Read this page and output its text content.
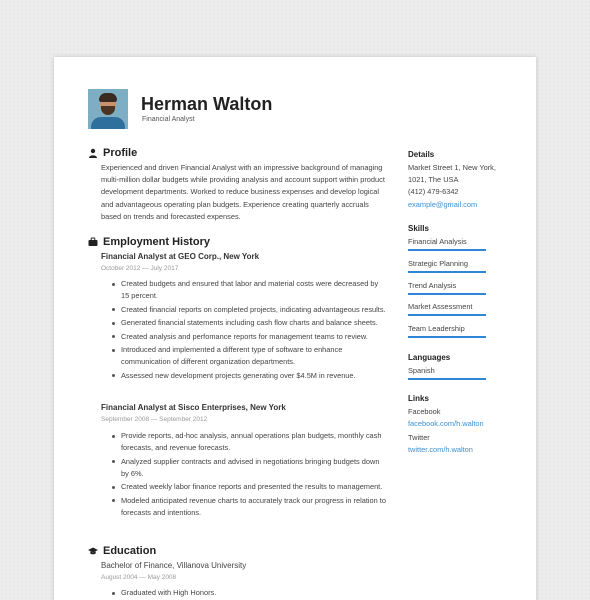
Herman Walton
Financial Analyst
Profile
Experienced and driven Financial Analyst with an impressive background of managing multi-million dollar budgets while providing analysis and account support within product development departments. Worked to reduce business expenses and develop logical and advantageous operating plan budgets. Experience creating quarterly accruals based on trends and forecasted expenses.
Employment History
Financial Analyst at GEO Corp., New York
October 2012 — July 2017
Created budgets and ensured that labor and material costs were decreased by 15 percent.
Created financial reports on completed projects, indicating advantageous results.
Generated financial statements including cash flow charts and balance sheets.
Created analysis and perfomance reports for management teams to review.
Introduced and implemented a different type of software to enhance communication of different organization departments.
Assessed new development projects generating over $4.5M in revenue.
Financial Analyst at Sisco Enterprises, New York
September 2008 — September 2012
Provide reports, ad-hoc analysis, annual operations plan budgets, monthly cash forecasts, and revenue forecasts.
Analyzed supplier contracts and advised in negotiations bringing budgets down by 6%.
Created weekly labor finance reports and presented the results to management.
Modeled anticipated revenue charts to accurately track our progress in relation to forecasts and intentions.
Education
Bachelor of Finance, Villanova University
August 2004 — May 2008
Graduated with High Honors.
Details
Market Street 1, New York,
1021, The USA
(412) 479-6342
example@gmail.com
Skills
Financial Analysis
Strategic Planning
Trend Analysis
Market Assessment
Team Leadership
Languages
Spanish
Links
Facebook
facebook.com/h.walton
Twitter
twitter.com/h.walton
